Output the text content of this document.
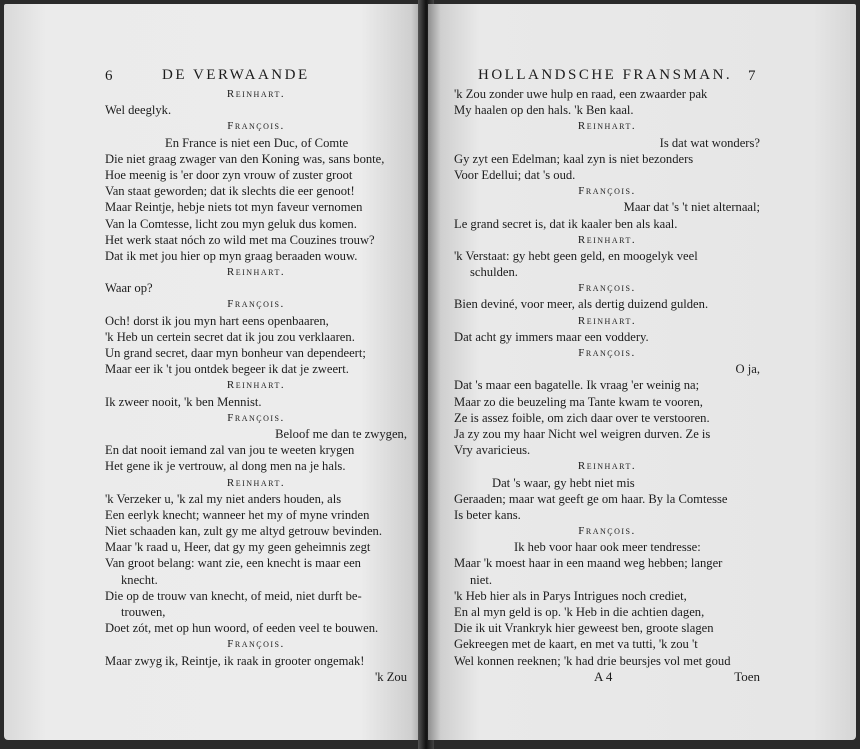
6	DE VERWAANDE
Reinhart.
Wel deeglyk.
François.
En France is niet een Duc, of Comte
Die niet graag zwager van den Koning was, sans bonte,
Hoe meenig is 'er door zyn vrouw of zuster groot
Van staat geworden; dat ik slechts die eer genoot!
Maar Reintje, hebje niets tot myn faveur vernomen
Van la Comtesse, licht zou myn geluk dus komen.
Het werk staat nóch zo wild met ma Couzines trouw?
Dat ik met jou hier op myn graag beraaden wouw.
Reinhart.
Waar op?
François.
Och! dorst ik jou myn hart eens openbaaren,
'k Heb un certein secret dat ik jou zou verklaaren.
Un grand secret, daar myn bonheur van dependeert;
Maar eer ik 't jou ontdek begeer ik dat je zweert.
Reinhart.
Ik zweer nooit, 'k ben Mennist.
François.
Beloof me dan te zwygen,
En dat nooit iemand zal van jou te weeten krygen
Het gene ik je vertrouw, al dong men na je hals.
Reinhart.
'k Verzeker u, 'k zal my niet anders houden, als
Een eerlyk knecht; wanneer het my of myne vrinden
Niet schaaden kan, zult gy me altyd getrouw bevinden.
Maar 'k raad u, Heer, dat gy my geen geheimnis zegt
Van groot belang: want zie, een knecht is maar een
knecht.
Die op de trouw van knecht, of meid, niet durft be-
trouwen,
Doet zót, met op hun woord, of eeden veel te bouwen.
François.
Maar zwyg ik, Reintje, ik raak in grooter ongemak!
'k Zou
HOLLANDSCHE FRANSMAN. 7
'k Zou zonder uwe hulp en raad, een zwaarder pak
My haalen op den hals. 'k Ben kaal.
Reinhart.
Is dat wat wonders?
Gy zyt een Edelman; kaal zyn is niet bezonders
Voor Edellui; dat 's oud.
François.
Maar dat 's 't niet alternaal;
Le grand secret is, dat ik kaaler ben als kaal.
Reinhart.
'k Verstaat: gy hebt geen geld, en moogelyk veel
schulden.
François.
Bien deviné, voor meer, als dertig duizend gulden.
Reinhart.
Dat acht gy immers maar een voddery.
François.
O ja,
Dat 's maar een bagatelle. Ik vraag 'er weinig na;
Maar zo die beuzeling ma Tante kwam te vooren,
Ze is assez foible, om zich daar over te verstooren.
Ja zy zou my haar Nicht wel weigren durven. Ze is
Vry avaricieus.
Reinhart.
Dat 's waar, gy hebt niet mis
Geraaden; maar wat geeft ge om haar. By la Comtesse
Is beter kans.
François.
Ik heb voor haar ook meer tendresse:
Maar 'k moest haar in een maand weg hebben; langer
niet.
'k Heb hier als in Parys Intrigues noch crediet,
En al myn geld is op. 'k Heb in die achtien dagen,
Die ik uit Vrankryk hier geweest ben, groote slagen
Gekreegen met de kaart, en met va tutti, 'k zou 't
Wel konnen reeknen; 'k had drie beursjes vol met goud
A 4	Toen
